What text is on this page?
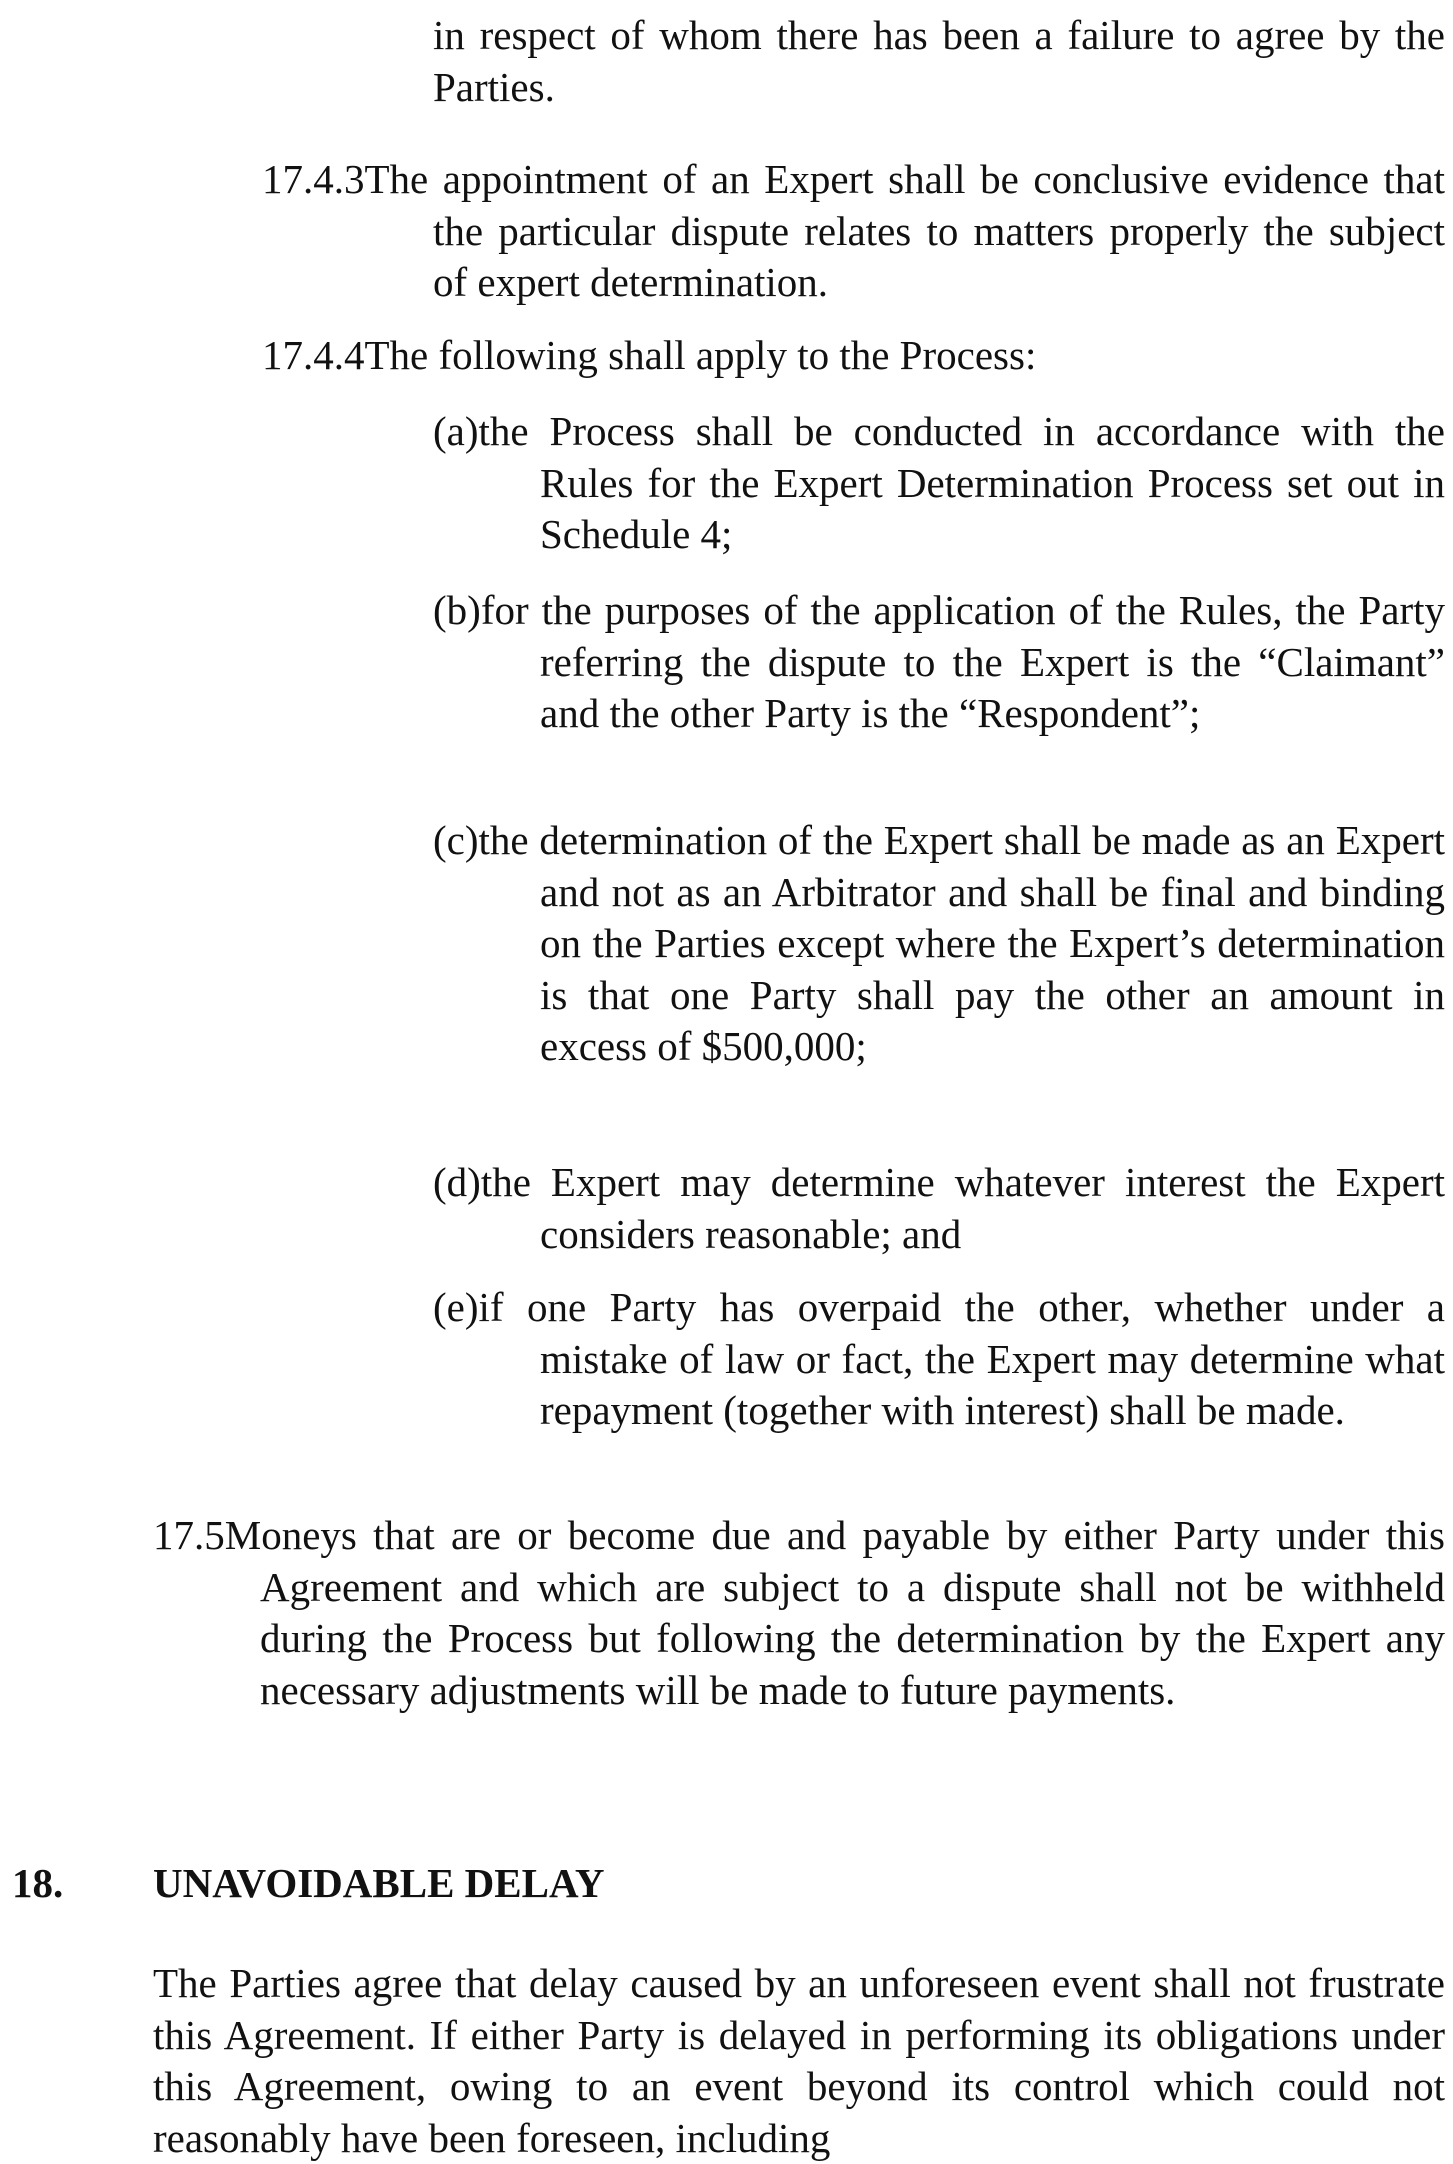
in respect of whom there has been a failure to agree by the Parties.

17.4.3The appointment of an Expert shall be conclusive evidence that the particular dispute relates to matters properly the subject of expert determination.

17.4.4The following shall apply to the Process:

(a)the Process shall be conducted in accordance with the Rules for the Expert Determination Process set out in Schedule 4;

(b)for the purposes of the application of the Rules, the Party referring the dispute to the Expert is the “Claimant” and the other Party is the “Respondent”;

(c)the determination of the Expert shall be made as an Expert and not as an Arbitrator and shall be final and binding on the Parties except where the Expert’s determination is that one Party shall pay the other an amount in excess of $500,000;

(d)the Expert may determine whatever interest the Expert considers reasonable; and

(e)if one Party has overpaid the other, whether under a mistake of law or fact, the Expert may determine what repayment (together with interest) shall be made.

17.5Moneys that are or become due and payable by either Party under this Agreement and which are subject to a dispute shall not be withheld during the Process but following the determination by the Expert any necessary adjustments will be made to future payments.

18. UNAVOIDABLE DELAY

The Parties agree that delay caused by an unforeseen event shall not frustrate this Agreement. If either Party is delayed in performing its obligations under this Agreement, owing to an event beyond its control which could not reasonably have been foreseen, including
